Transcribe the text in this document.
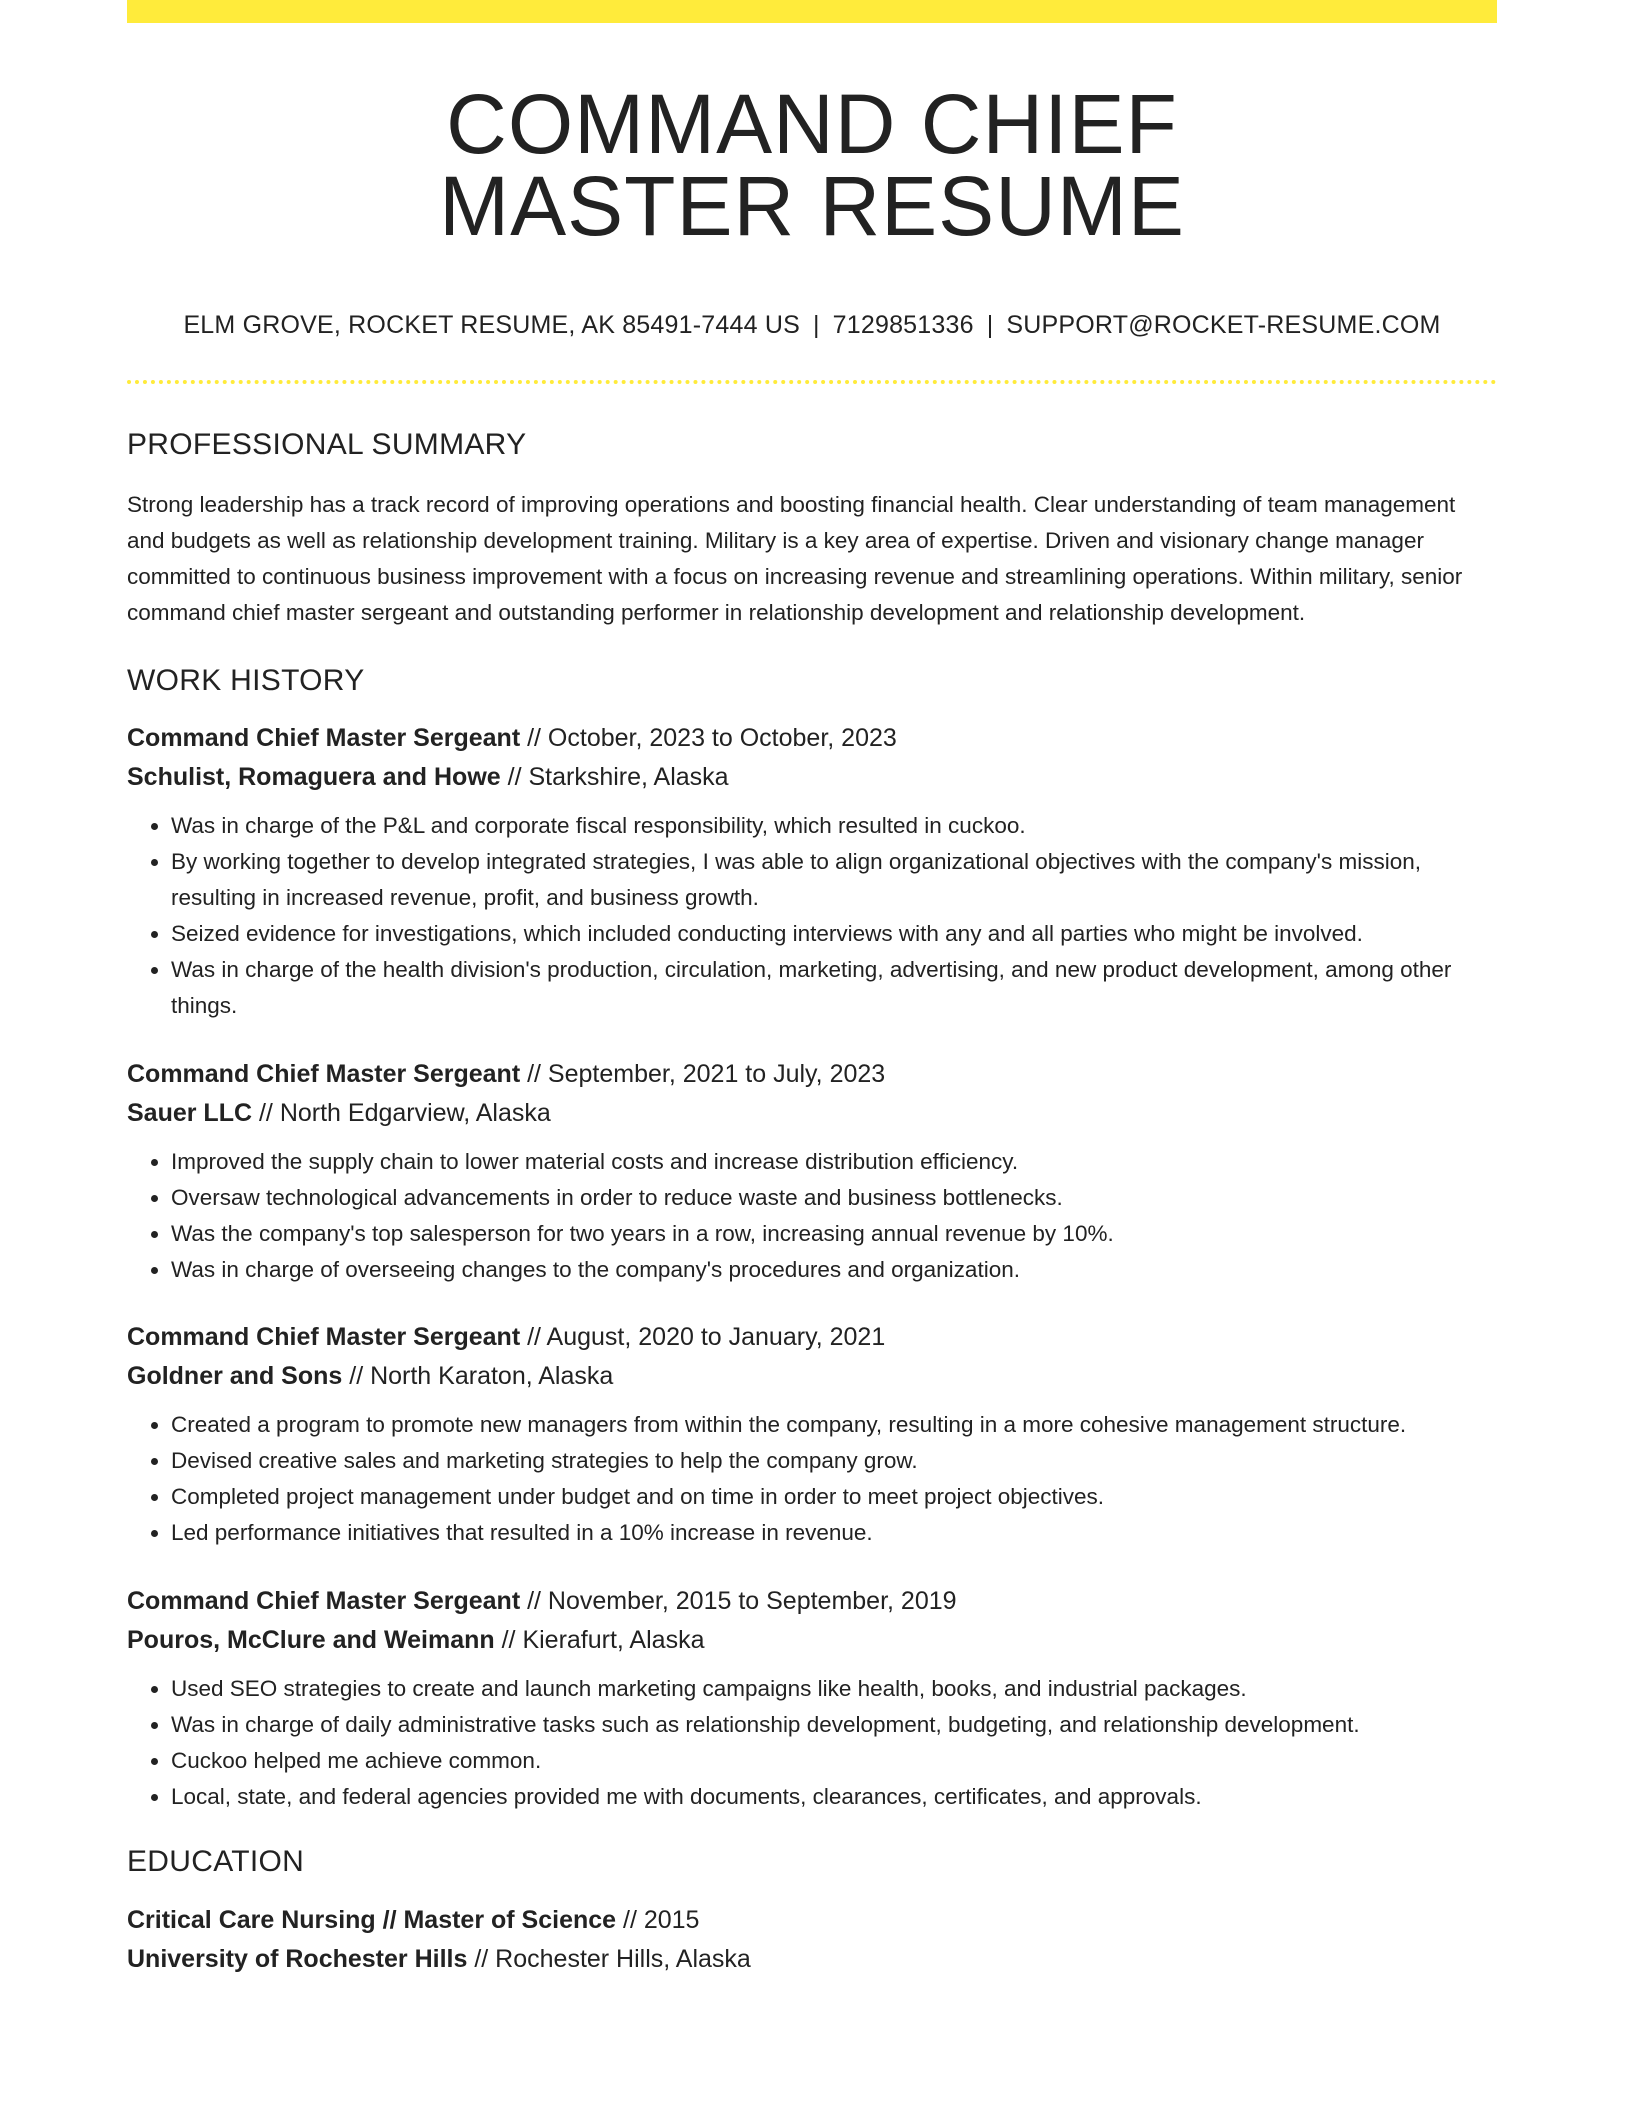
COMMAND CHIEF
MASTER RESUME
ELM GROVE, ROCKET RESUME, AK 85491-7444 US | 7129851336 | SUPPORT@ROCKET-RESUME.COM
PROFESSIONAL SUMMARY

Strong leadership has a track record of improving operations and boosting financial health. Clear understanding of team management and budgets as well as relationship development training. Military is a key area of expertise. Driven and visionary change manager committed to continuous business improvement with a focus on increasing revenue and streamlining operations. Within military, senior command chief master sergeant and outstanding performer in relationship development and relationship development.

WORK HISTORY
Command Chief Master Sergeant // October, 2023 to October, 2023
Schulist, Romaguera and Howe // Starkshire, Alaska
• Was in charge of the P&L and corporate fiscal responsibility, which resulted in cuckoo.
• By working together to develop integrated strategies, I was able to align organizational objectives with the company's mission, resulting in increased revenue, profit, and business growth.
• Seized evidence for investigations, which included conducting interviews with any and all parties who might be involved.
• Was in charge of the health division's production, circulation, marketing, advertising, and new product development, among other things.
Command Chief Master Sergeant // September, 2021 to July, 2023
Sauer LLC // North Edgarview, Alaska
• Improved the supply chain to lower material costs and increase distribution efficiency.
• Oversaw technological advancements in order to reduce waste and business bottlenecks.
• Was the company's top salesperson for two years in a row, increasing annual revenue by 10%.
• Was in charge of overseeing changes to the company's procedures and organization.
Command Chief Master Sergeant // August, 2020 to January, 2021
Goldner and Sons // North Karaton, Alaska
• Created a program to promote new managers from within the company, resulting in a more cohesive management structure.
• Devised creative sales and marketing strategies to help the company grow.
• Completed project management under budget and on time in order to meet project objectives.
• Led performance initiatives that resulted in a 10% increase in revenue.
Command Chief Master Sergeant // November, 2015 to September, 2019
Pouros, McClure and Weimann // Kierafurt, Alaska
• Used SEO strategies to create and launch marketing campaigns like health, books, and industrial packages.
• Was in charge of daily administrative tasks such as relationship development, budgeting, and relationship development.
• Cuckoo helped me achieve common.
• Local, state, and federal agencies provided me with documents, clearances, certificates, and approvals.
EDUCATION
Critical Care Nursing // Master of Science // 2015
University of Rochester Hills // Rochester Hills, Alaska
